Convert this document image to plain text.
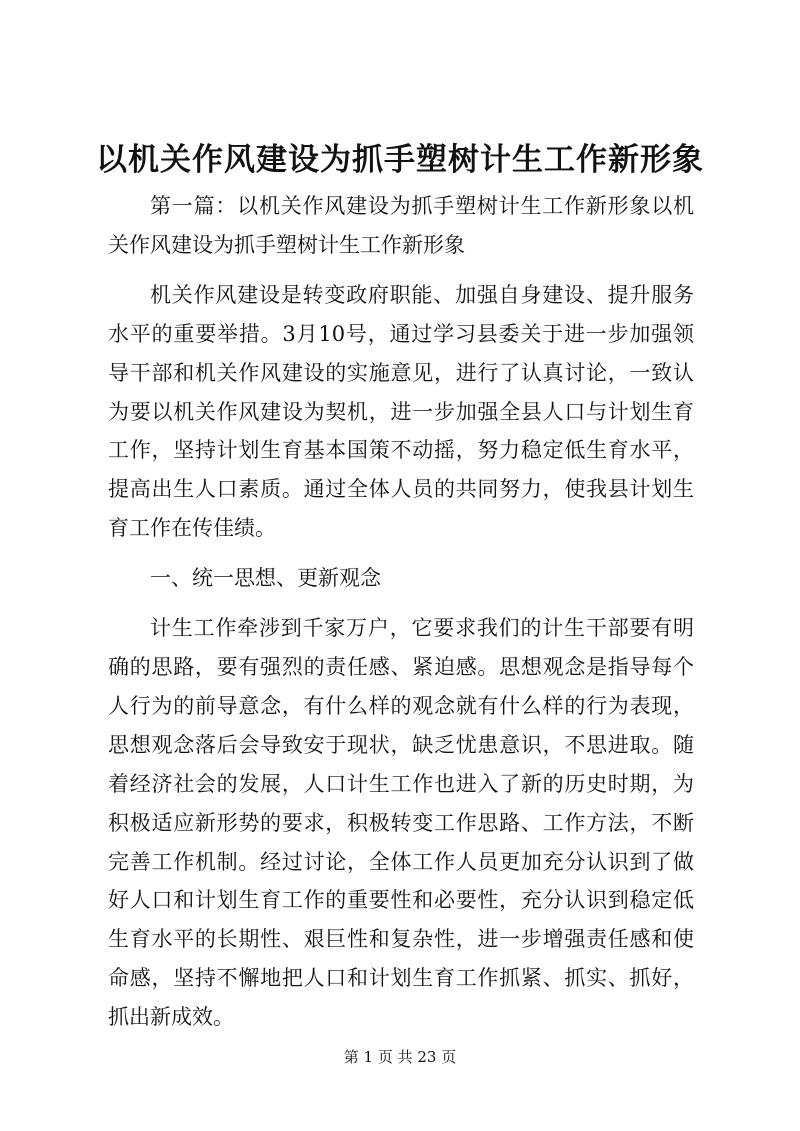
以机关作风建设为抓手塑树计生工作新形象

第一篇：以机关作风建设为抓手塑树计生工作新形象以机关作风建设为抓手塑树计生工作新形象

机关作风建设是转变政府职能、加强自身建设、提升服务水平的重要举措。3月10号，通过学习县委关于进一步加强领导干部和机关作风建设的实施意见，进行了认真讨论，一致认为要以机关作风建设为契机，进一步加强全县人口与计划生育工作，坚持计划生育基本国策不动摇，努力稳定低生育水平，提高出生人口素质。通过全体人员的共同努力，使我县计划生育工作在传佳绩。

一、统一思想、更新观念

计生工作牵涉到千家万户，它要求我们的计生干部要有明确的思路，要有强烈的责任感、紧迫感。思想观念是指导每个人行为的前导意念，有什么样的观念就有什么样的行为表现，思想观念落后会导致安于现状，缺乏忧患意识，不思进取。随着经济社会的发展，人口计生工作也进入了新的历史时期，为积极适应新形势的要求，积极转变工作思路、工作方法，不断完善工作机制。经过讨论，全体工作人员更加充分认识到了做好人口和计划生育工作的重要性和必要性，充分认识到稳定低生育水平的长期性、艰巨性和复杂性，进一步增强责任感和使命感，坚持不懈地把人口和计划生育工作抓紧、抓实、抓好，抓出新成效。

第 1 页 共 23 页
